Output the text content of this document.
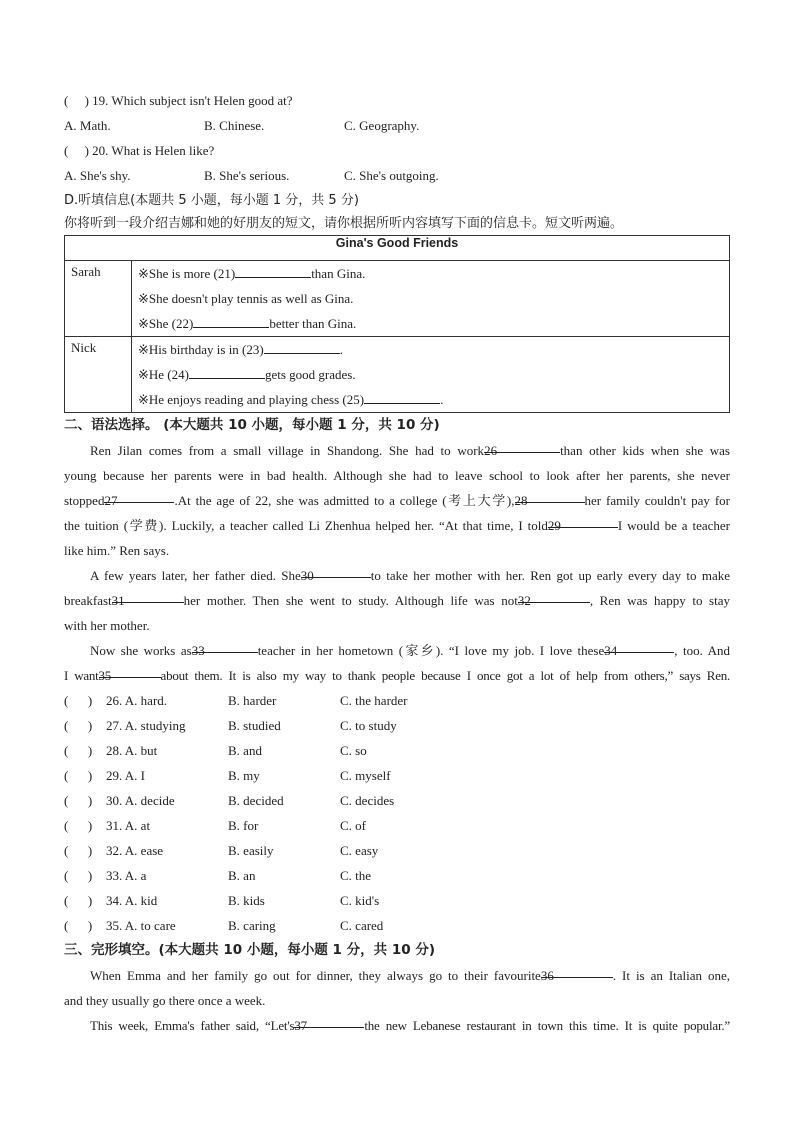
(     ) 19. Which subject isn't Helen good at?
A. Math.	B. Chinese.	C. Geography.
(     ) 20. What is Helen like?
A. She's shy.	B. She's serious.	C. She's outgoing.
D.听填信息(本题共 5 小题，每小题 1 分，共 5 分)
你将听到一段介绍吉娜和她的好朋友的短文，请你根据所听内容填写下面的信息卡。短文听两遍。
Gina's Good Friends	
Sarah	※She is more (21) than Gina.
※She doesn't play tennis as well as Gina.
※She (22) better than Gina.

Nick	※His birthday is in (23) .
※He (24) gets good grades.
※He enjoys reading and playing chess (25) .
二、语法选择。 (本大题共 10 小题，每小题 1 分，共 10 分)
Ren Jilan comes from a small village in Shandong. She had to work26	than other kids when she was
young because her parents were in bad health. Although she had to leave school to look after her parents, she never
stopped27	.At the age of 22, she was admitted to a college (考上大学),28	her family couldn't pay for
the tuition (学费). Luckily, a teacher called Li Zhenhua helped her. “At that time, I told29	I would be a teacher
like him.” Ren says.
A few years later, her father died. She30	to take her mother with her. Ren got up early every day to make
breakfast31	her mother. Then she went to study. Although life was not32	, Ren was happy to stay
with her mother.
Now she works as33	teacher in her hometown (家乡). “I love my job. I love these34	, too. And
I want35	about them. It is also my way to thank people because I once got a lot of help from others,” says Ren.
(      )	26. A. hard.	B. harder	C. the harder
(      )	27. A. studying	B. studied	C. to study
(      )	28. A. but	B. and	C. so
(      )	29. A. I	B. my	C. myself
(      )	30. A. decide	B. decided	C. decides
(      )	31. A. at	B. for	C. of
(      )	32. A. ease	B. easily	C. easy
(      )	33. A. a	B. an	C. the
(      )	34. A. kid	B. kids	C. kid's
(      )	35. A. to care	B. caring	C. cared
三、完形填空。(本大题共 10 小题，每小题 1 分，共 10 分)
When Emma and her family go out for dinner, they always go to their favourite36	. It is an Italian one,
and they usually go there once a week.
This week, Emma's father said, “Let's37	the new Lebanese restaurant in town this time. It is quite popular.”
